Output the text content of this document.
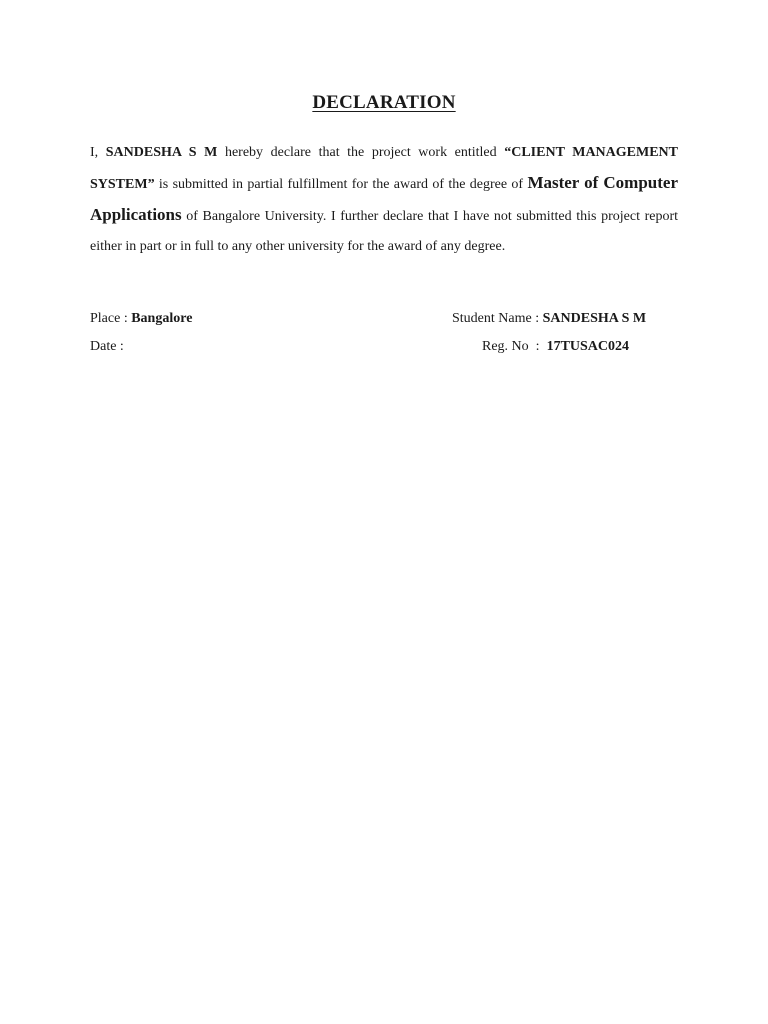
DECLARATION
I, SANDESHA S M hereby declare that the project work entitled “CLIENT MANAGEMENT SYSTEM” is submitted in partial fulfillment for the award of the degree of Master of Computer Applications of Bangalore University. I further declare that I have not submitted this project report either in part or in full to any other university for the award of any degree.
Place : Bangalore	Student Name : SANDESHA S M
Date :	Reg. No  :  17TUSAC024
